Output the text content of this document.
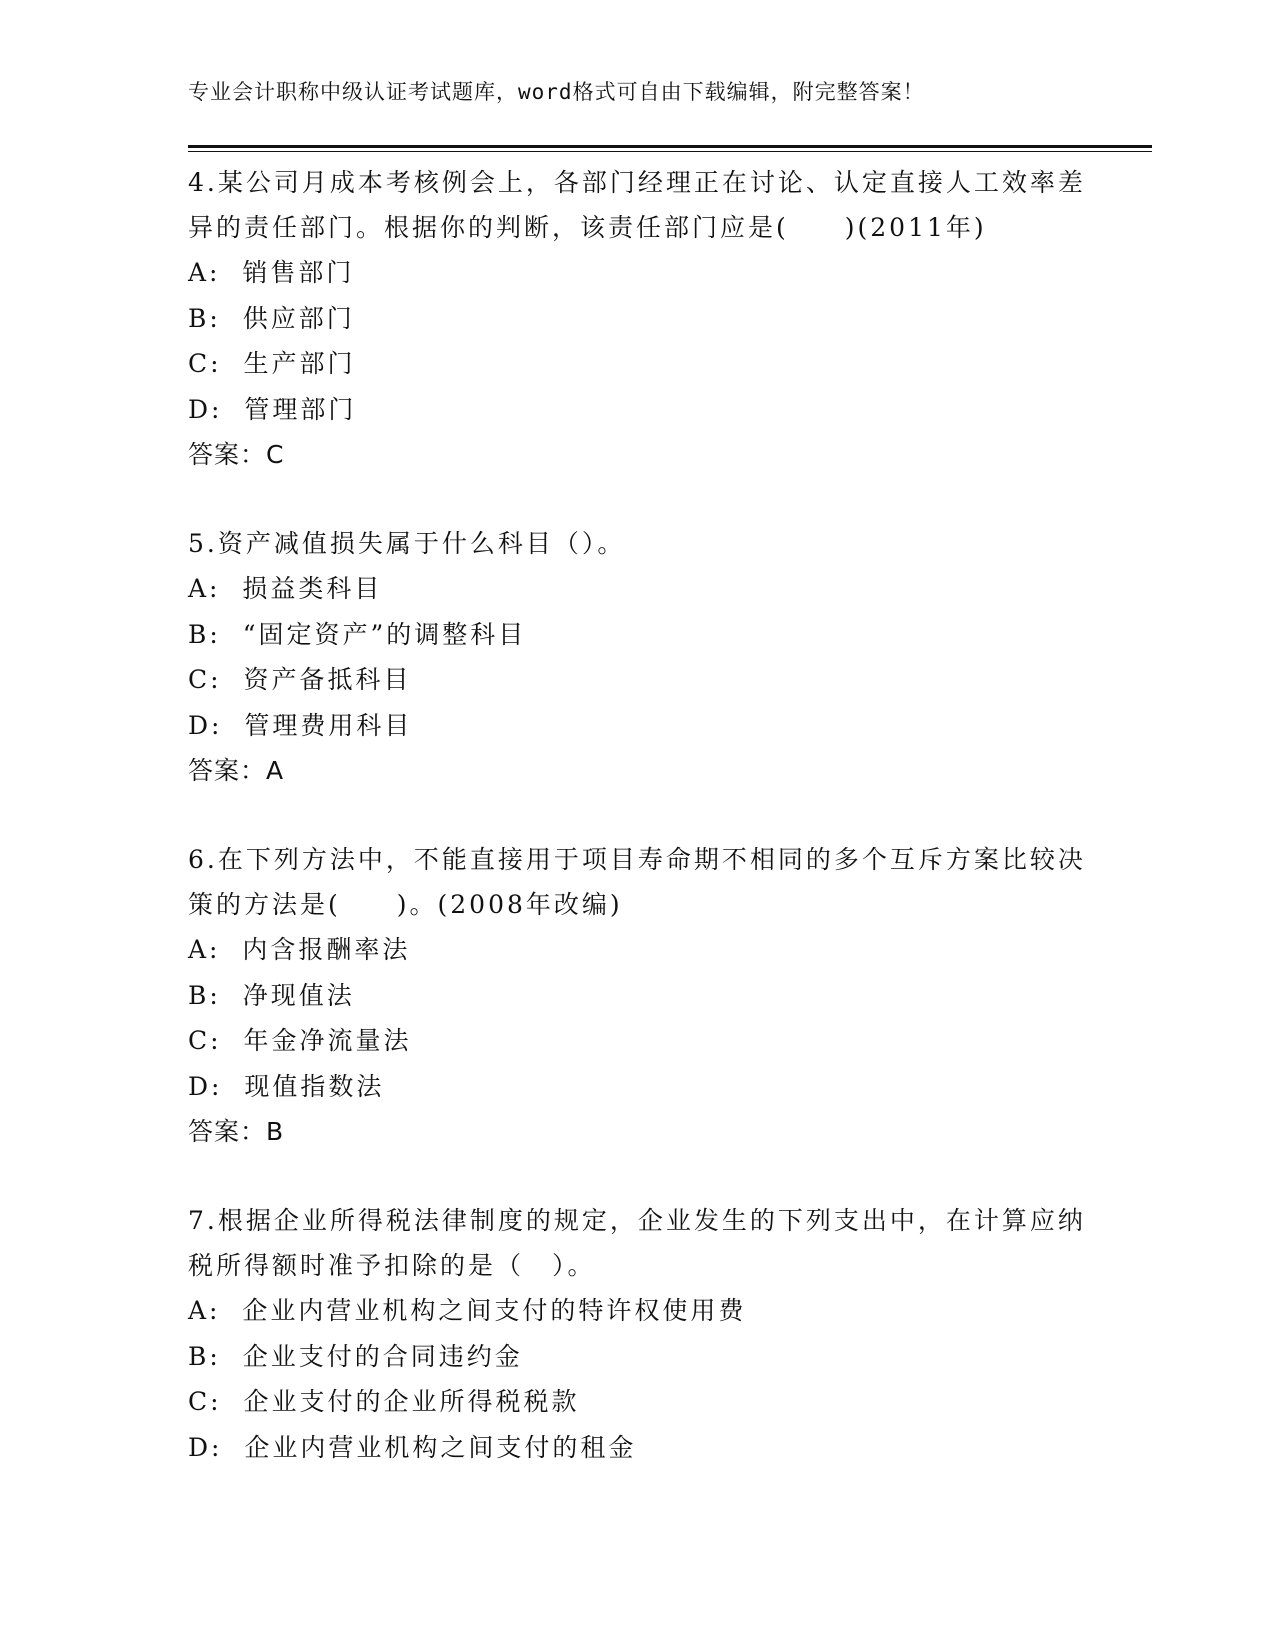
专业会计职称中级认证考试题库，word格式可自由下载编辑，附完整答案！

4.某公司月成本考核例会上，各部门经理正在讨论、认定直接人工效率差异的责任部门。根据你的判断，该责任部门应是(　　)(2011年)

A:  销售部门

B:  供应部门

C:  生产部门

D:  管理部门

答案：C

5.资产减值损失属于什么科目（）。

A:  损益类科目

B:  “固定资产”的调整科目

C:  资产备抵科目

D:  管理费用科目

答案：A

6.在下列方法中，不能直接用于项目寿命期不相同的多个互斥方案比较决策的方法是(　　)。(2008年改编)

A:  内含报酬率法

B:  净现值法

C:  年金净流量法

D:  现值指数法

答案：B

7.根据企业所得税法律制度的规定，企业发生的下列支出中，在计算应纳税所得额时准予扣除的是（　）。

A:  企业内营业机构之间支付的特许权使用费

B:  企业支付的合同违约金

C:  企业支付的企业所得税税款

D:  企业内营业机构之间支付的租金
